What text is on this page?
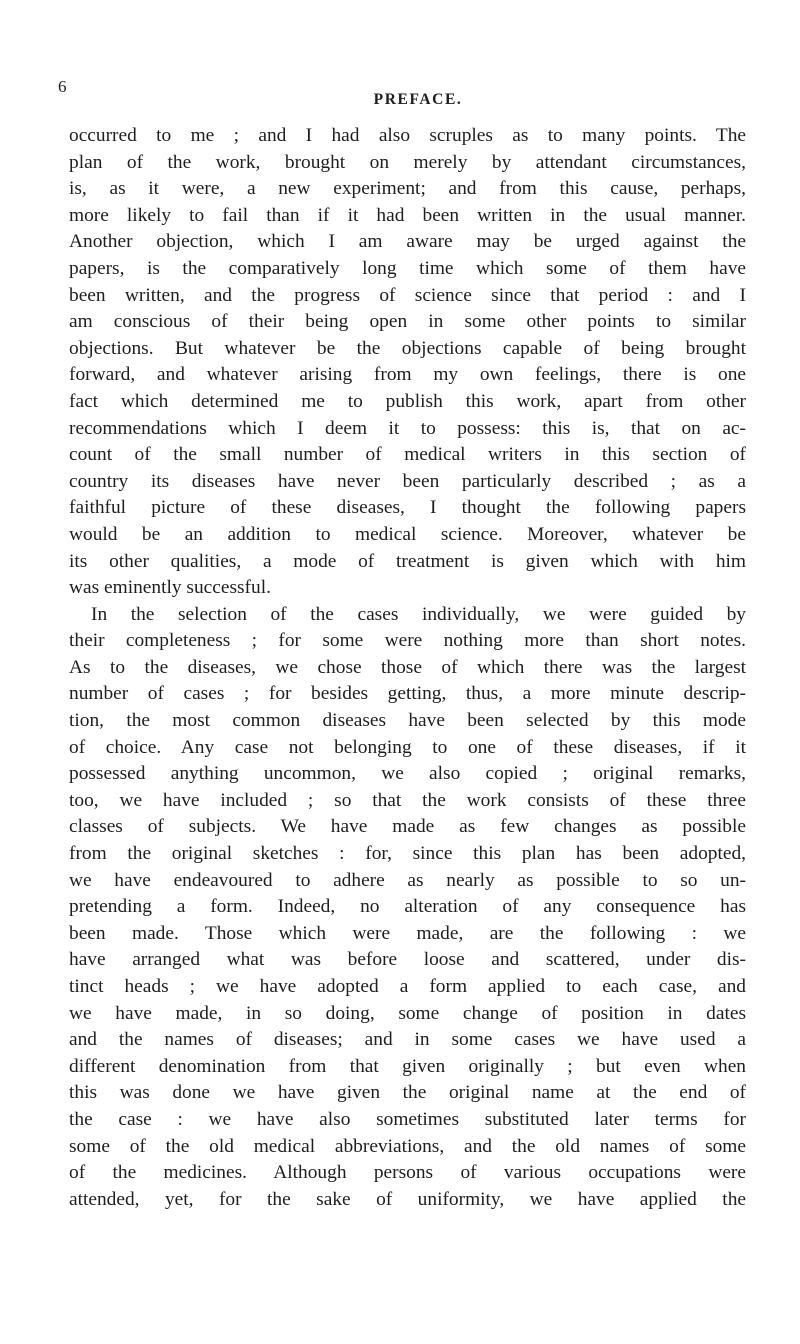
6
PREFACE.
occurred to me ; and I had also scruples as to many points. The
plan of the work, brought on merely by attendant circumstances,
is, as it were, a new experiment; and from this cause, perhaps,
more likely to fail than if it had been written in the usual manner.
Another objection, which I am aware may be urged against the
papers, is the comparatively long time which some of them have
been written, and the progress of science since that period : and I
am conscious of their being open in some other points to similar
objections. But whatever be the objections capable of being brought
forward, and whatever arising from my own feelings, there is one
fact which determined me to publish this work, apart from other
recommendations which I deem it to possess: this is, that on ac-
count of the small number of medical writers in this section of
country its diseases have never been particularly described ; as a
faithful picture of these diseases, I thought the following papers
would be an addition to medical science. Moreover, whatever be
its other qualities, a mode of treatment is given which with him
was eminently successful.
In the selection of the cases individually, we were guided by
their completeness ; for some were nothing more than short notes.
As to the diseases, we chose those of which there was the largest
number of cases ; for besides getting, thus, a more minute descrip-
tion, the most common diseases have been selected by this mode
of choice. Any case not belonging to one of these diseases, if it
possessed anything uncommon, we also copied ; original remarks,
too, we have included ; so that the work consists of these three
classes of subjects. We have made as few changes as possible
from the original sketches : for, since this plan has been adopted,
we have endeavoured to adhere as nearly as possible to so un-
pretending a form. Indeed, no alteration of any consequence has
been made. Those which were made, are the following : we
have arranged what was before loose and scattered, under dis-
tinct heads ; we have adopted a form applied to each case, and
we have made, in so doing, some change of position in dates
and the names of diseases; and in some cases we have used a
different denomination from that given originally ; but even when
this was done we have given the original name at the end of
the case : we have also sometimes substituted later terms for
some of the old medical abbreviations, and the old names of some
of the medicines. Although persons of various occupations were
attended, yet, for the sake of uniformity, we have applied the
